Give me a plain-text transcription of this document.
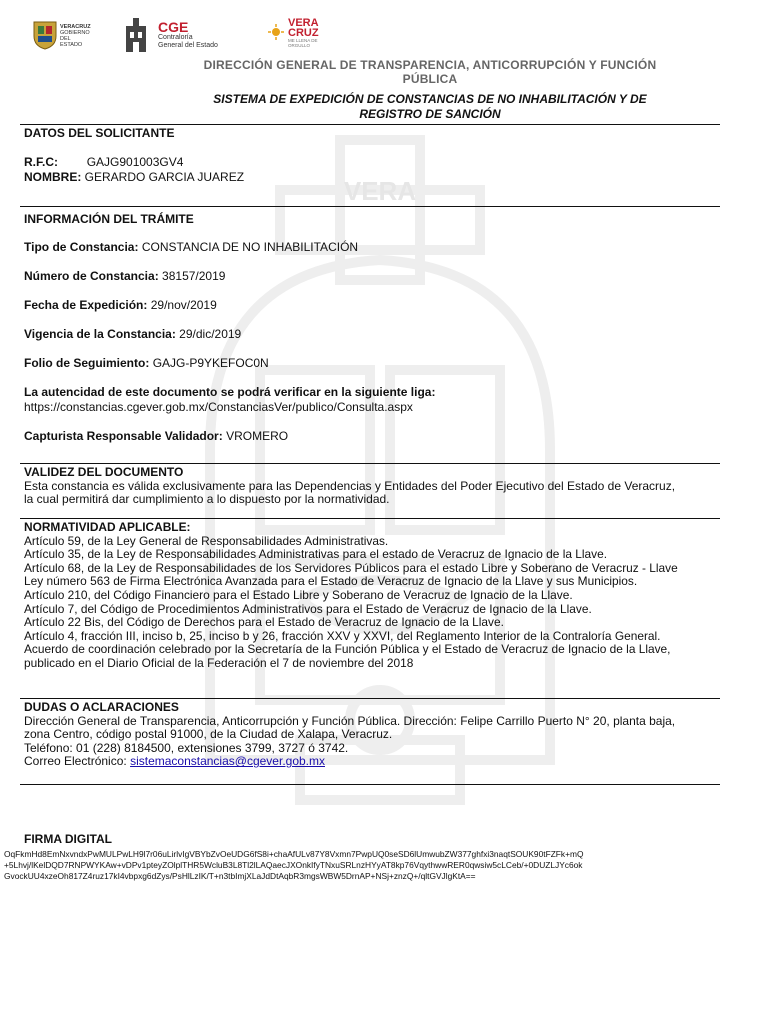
VERA
VERACRUZ
GOBIERNO
DEL ESTADO
CGE
Contraloría
General del Estado
VERA
CRUZ
ME LLENA DE ORGULLO
DIRECCIÓN GENERAL DE TRANSPARENCIA, ANTICORRUPCIÓN Y FUNCIÓN PÚBLICA
SISTEMA DE EXPEDICIÓN DE CONSTANCIAS DE NO INHABILITACIÓN Y DE REGISTRO DE SANCIÓN
DATOS DEL SOLICITANTE
R.F.C: GAJG901003GV4
NOMBRE: GERARDO GARCIA JUAREZ
INFORMACIÓN DEL TRÁMITE
Tipo de Constancia: CONSTANCIA DE NO INHABILITACIÓN
Número de Constancia: 38157/2019
Fecha de Expedición: 29/nov/2019
Vigencia de la Constancia: 29/dic/2019
Folio de Seguimiento: GAJG-P9YKEFOC0N
La autencidad de este documento se podrá verificar en la siguiente liga:
https://constancias.cgever.gob.mx/ConstanciasVer/publico/Consulta.aspx
Capturista Responsable Validador: VROMERO
VALIDEZ DEL DOCUMENTO
Esta constancia es válida exclusivamente para las Dependencias y Entidades del Poder Ejecutivo del Estado de Veracruz,
la cual permitirá dar cumplimiento a lo dispuesto por la normatividad.
NORMATIVIDAD APLICABLE:
Artículo 59, de la Ley General de Responsabilidades Administrativas.
Artículo 35, de la Ley de Responsabilidades Administrativas para el estado de Veracruz de Ignacio de la Llave.
Artículo 68, de la Ley de Responsabilidades de los Servidores Públicos para el estado Libre y Soberano de Veracruz - Llave
Ley número 563 de Firma Electrónica Avanzada para el Estado de Veracruz de Ignacio de la Llave y sus Municipios.
Artículo 210, del Código Financiero para el Estado Libre y Soberano de Veracruz de Ignacio de la Llave.
Artículo 7, del Código de Procedimientos Administrativos para el Estado de Veracruz de Ignacio de la Llave.
Artículo 22 Bis, del Código de Derechos para el Estado de Veracruz de Ignacio de la Llave.
Artículo 4, fracción III, inciso b, 25, inciso b y 26, fracción XXV y XXVI, del Reglamento Interior de la Contraloría General.
Acuerdo de coordinación celebrado por la Secretaría de la Función Pública y el Estado de Veracruz de Ignacio de la Llave,
publicado en el Diario Oficial de la Federación el 7 de noviembre del 2018
DUDAS O ACLARACIONES
Dirección General de Transparencia, Anticorrupción y Función Pública. Dirección: Felipe Carrillo Puerto N° 20, planta baja,
zona Centro, código postal 91000, de la Ciudad de Xalapa, Veracruz.
Teléfono: 01 (228) 8184500, extensiones 3799, 3727 ó 3742.
Correo Electrónico: sistemaconstancias@cgever.gob.mx
FIRMA DIGITAL
OqFkmHd8EmNxvndxPwMULPwLH9l7r06uLirlvIgVBYbZvOeUDG6fS8i+chaAfULv87Y8Vxmn7PwpUQ0seSD6lUmwubZW377ghfxi3naqtSOUK90tFZFk+mQ
+5Lhvj/lKelDQD7RNPWYKAw+vDPv1pteyZOlplTHR5WcluB3L8Tl2lLAQaecJXOnkIfyTNxuSRLnzHYyAT8kp76VqythwwRER0qwsiw5cLCeb/+0DUZLJYc6ok
GvockUU4xzeOh817Z4ruz17kI4vbpxg6dZys/PsHlLzIK/T+n3tbImjXLaJdDtAqbR3mgsWBW5DrnAP+NSj+znzQ+/qltGVJlgKtA==
